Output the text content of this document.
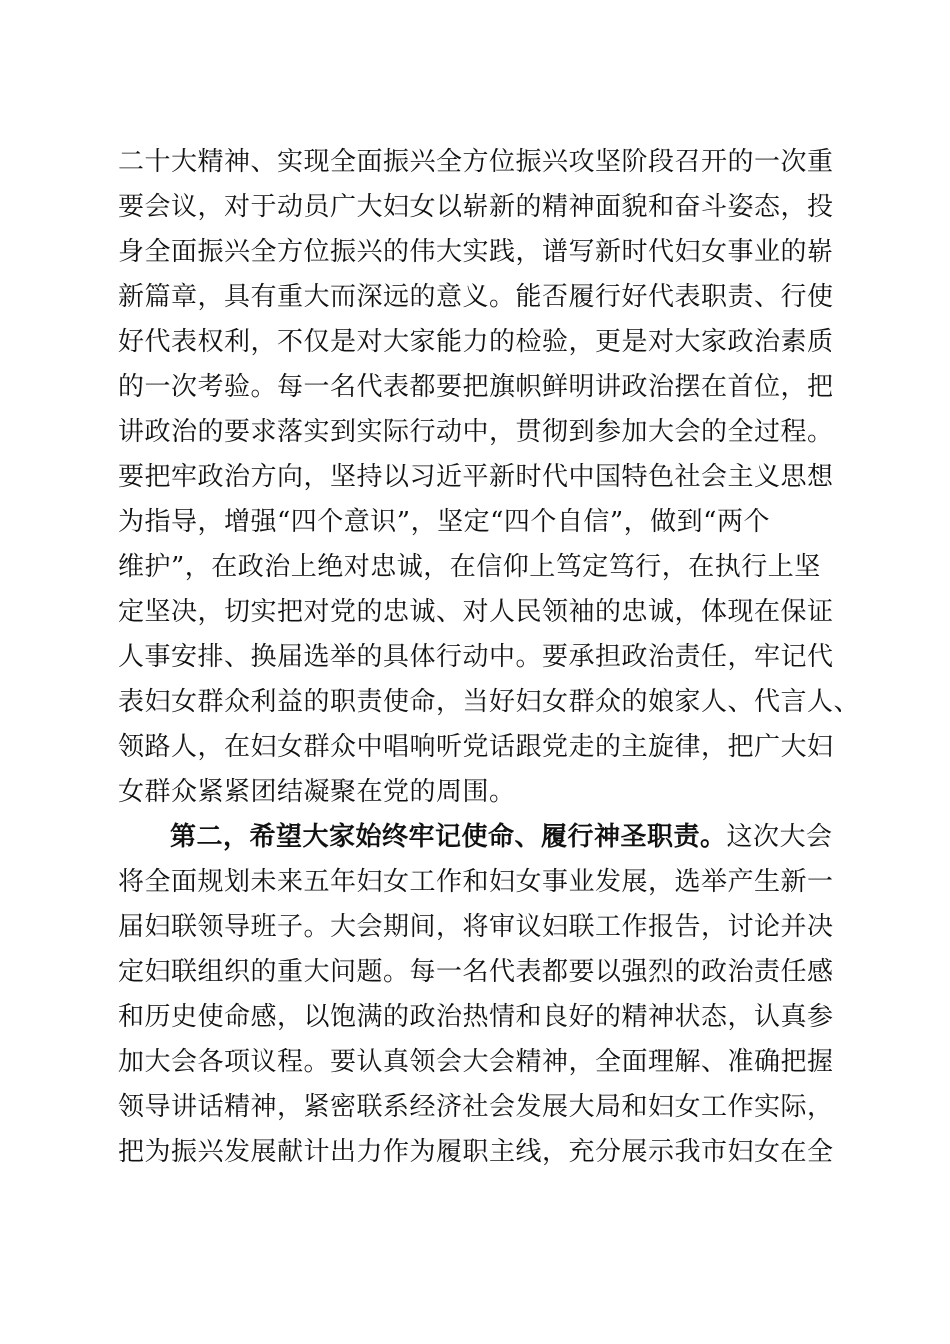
二十大精神、实现全面振兴全方位振兴攻坚阶段召开的一次重
要会议，对于动员广大妇女以崭新的精神面貌和奋斗姿态，投
身全面振兴全方位振兴的伟大实践，谱写新时代妇女事业的崭
新篇章，具有重大而深远的意义。能否履行好代表职责、行使
好代表权利，不仅是对大家能力的检验，更是对大家政治素质
的一次考验。每一名代表都要把旗帜鲜明讲政治摆在首位，把
讲政治的要求落实到实际行动中，贯彻到参加大会的全过程。
要把牢政治方向，坚持以习近平新时代中国特色社会主义思想
为指导，增强“四个意识”，坚定“四个自信”，做到“两个
维护”，在政治上绝对忠诚，在信仰上笃定笃行，在执行上坚
定坚决，切实把对党的忠诚、对人民领袖的忠诚，体现在保证
人事安排、换届选举的具体行动中。要承担政治责任，牢记代
表妇女群众利益的职责使命，当好妇女群众的娘家人、代言人、
领路人，在妇女群众中唱响听党话跟党走的主旋律，把广大妇
女群众紧紧团结凝聚在党的周围。
第二，希望大家始终牢记使命、履行神圣职责。这次大会
将全面规划未来五年妇女工作和妇女事业发展，选举产生新一
届妇联领导班子。大会期间，将审议妇联工作报告，讨论并决
定妇联组织的重大问题。每一名代表都要以强烈的政治责任感
和历史使命感，以饱满的政治热情和良好的精神状态，认真参
加大会各项议程。要认真领会大会精神，全面理解、准确把握
领导讲话精神，紧密联系经济社会发展大局和妇女工作实际，
把为振兴发展献计出力作为履职主线，充分展示我市妇女在全
